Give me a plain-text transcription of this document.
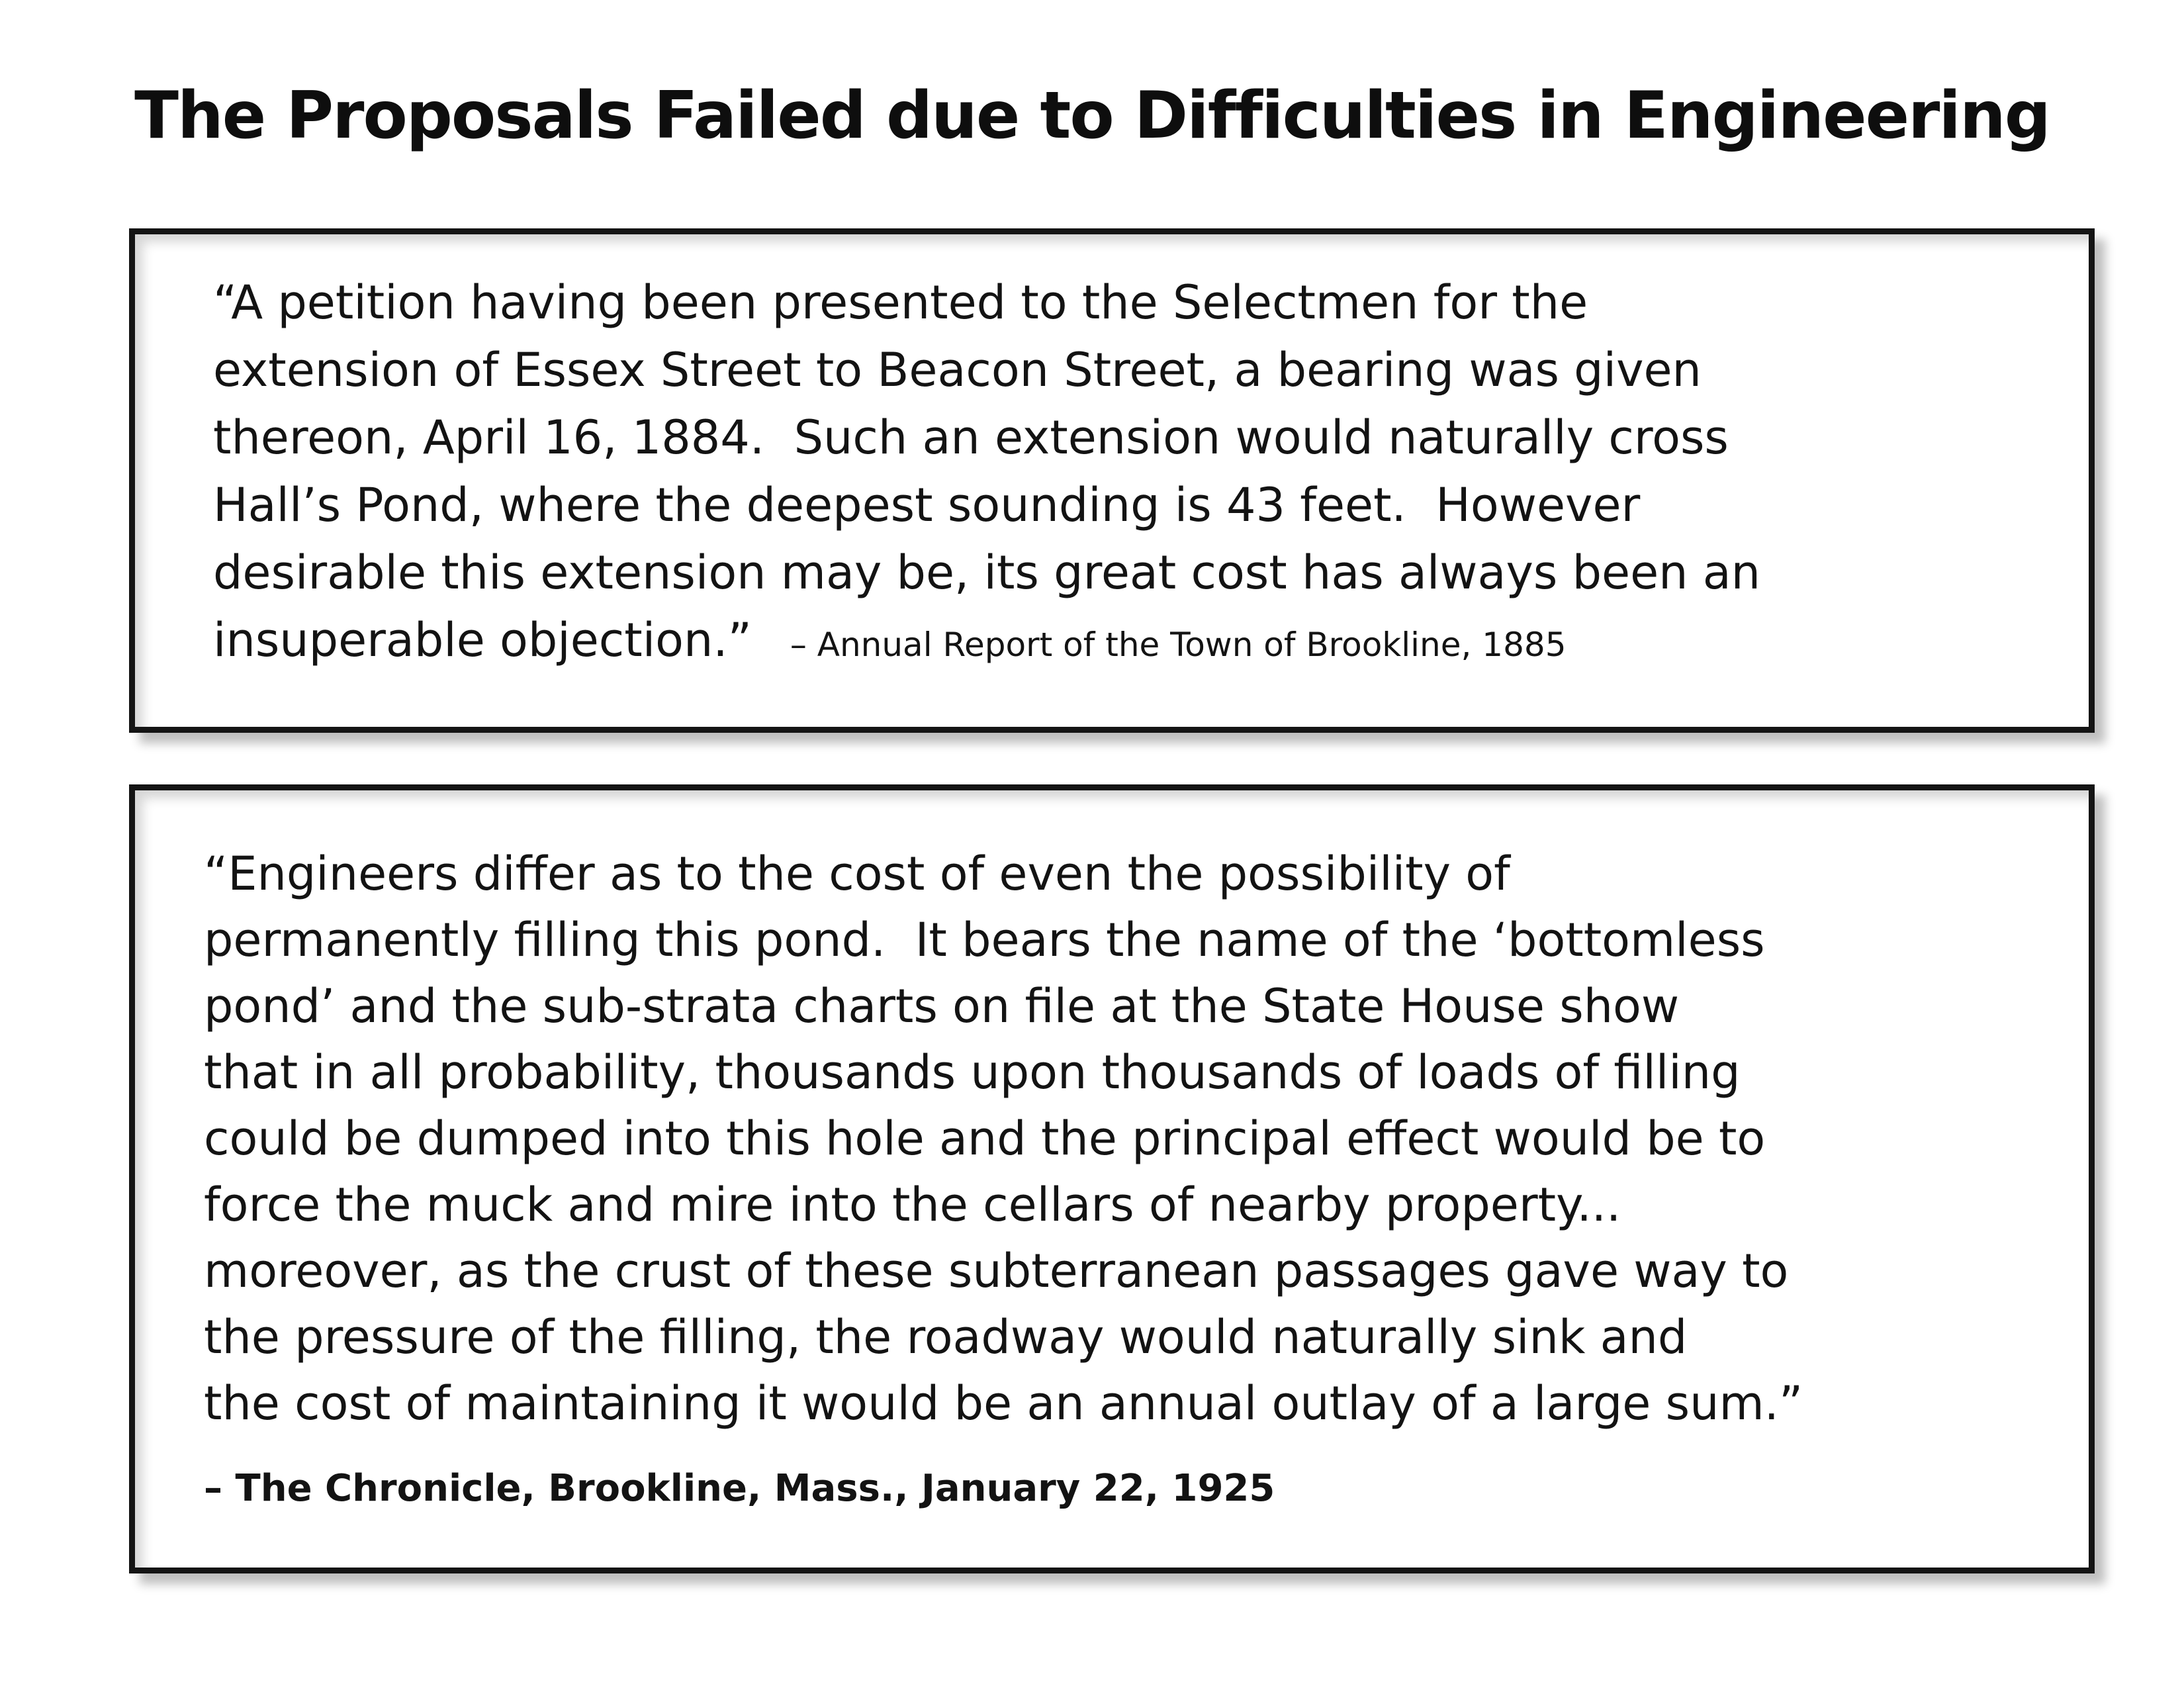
The Proposals Failed due to Difficulties in Engineering

“A petition having been presented to the Selectmen for the

extension of Essex Street to Beacon Street, a bearing was given

thereon, April 16, 1884.  Such an extension would naturally cross

Hall’s Pond, where the deepest sounding is 43 feet.  However

desirable this extension may be, its great cost has always been an

insuperable objection.” – Annual Report of the Town of Brookline, 1885

“Engineers differ as to the cost of even the possibility of

permanently filling this pond.  It bears the name of the ‘bottomless

pond’ and the sub-strata charts on file at the State House show

that in all probability, thousands upon thousands of loads of filling

could be dumped into this hole and the principal effect would be to

force the muck and mire into the cellars of nearby property...

moreover, as the crust of these subterranean passages gave way to

the pressure of the filling, the roadway would naturally sink and

the cost of maintaining it would be an annual outlay of a large sum.”

– The Chronicle, Brookline, Mass., January 22, 1925
